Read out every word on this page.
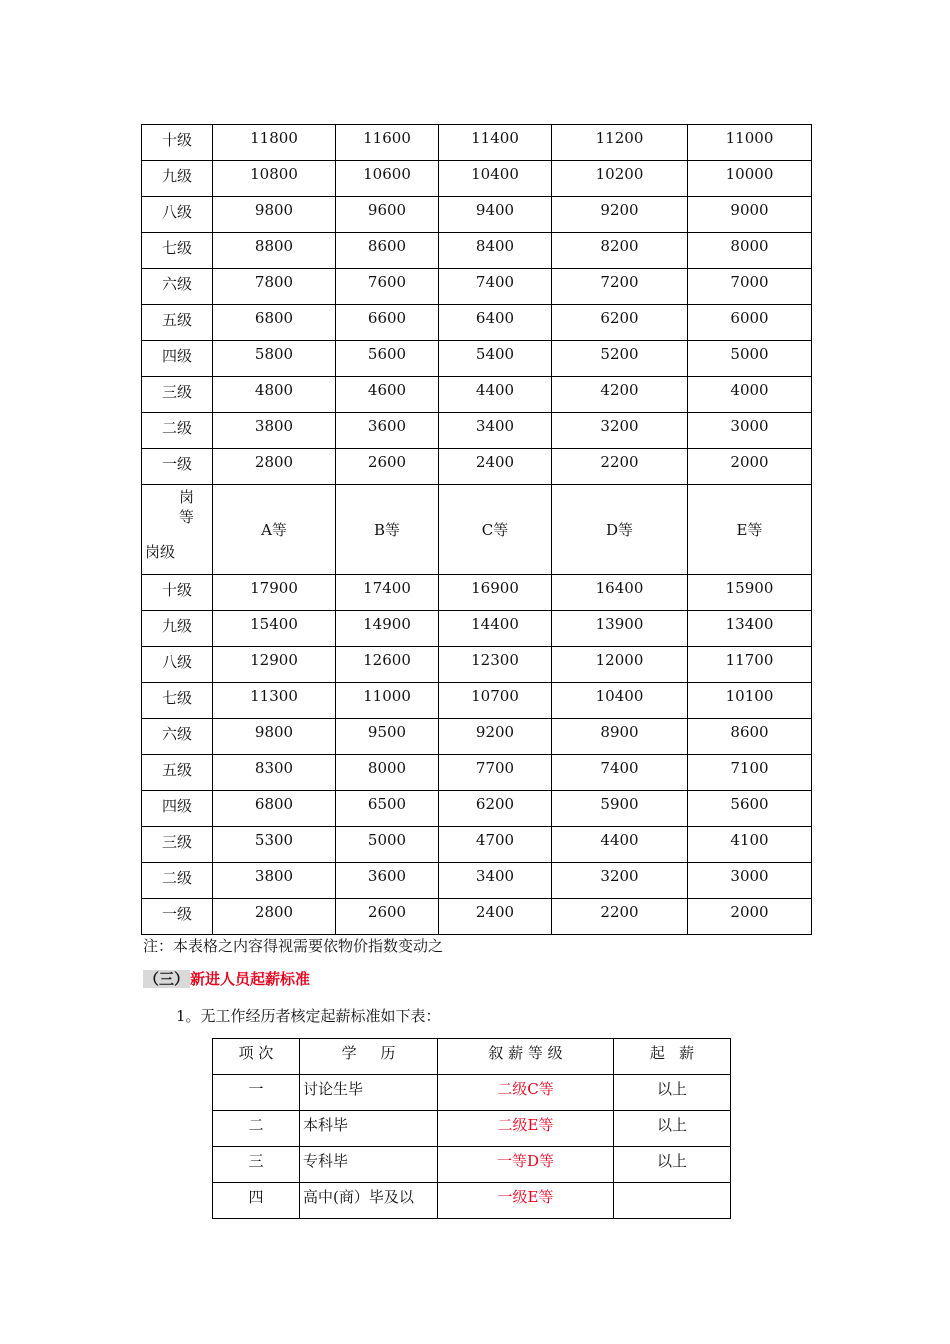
十级	11800	11600	11400	11200	11000
九级	10800	10600	10400	10200	10000
八级	9800	9600	9400	9200	9000
七级	8800	8600	8400	8200	8000
六级	7800	7600	7400	7200	7000
五级	6800	6600	6400	6200	6000
四级	5800	5600	5400	5200	5000
三级	4800	4600	4400	4200	4000
二级	3800	3600	3400	3200	3000
一级	2800	2600	2400	2200	2000

岗
等
岗级	A等	B等	C等	D等	E等
十级	17900	17400	16900	16400	15900
九级	15400	14900	14400	13900	13400
八级	12900	12600	12300	12000	11700
七级	11300	11000	10700	10400	10100
六级	9800	9500	9200	8900	8600
五级	8300	8000	7700	7400	7100
四级	6800	6500	6200	5900	5600
三级	5300	5000	4700	4400	4100
二级	3800	3600	3400	3200	3000
一级	2800	2600	2400	2200	2000
注：本表格之内容得视需要依物价指数变动之
（三）新进人员起薪标准
1。无工作经历者核定起薪标准如下表：
项 次	学     历	叙 薪 等 级	起   薪
一	讨论生毕	二级C等	以上
二	本科毕	二级E等	以上
三	专科毕	一等D等	以上
四	高中(商）毕及以	一级E等	
